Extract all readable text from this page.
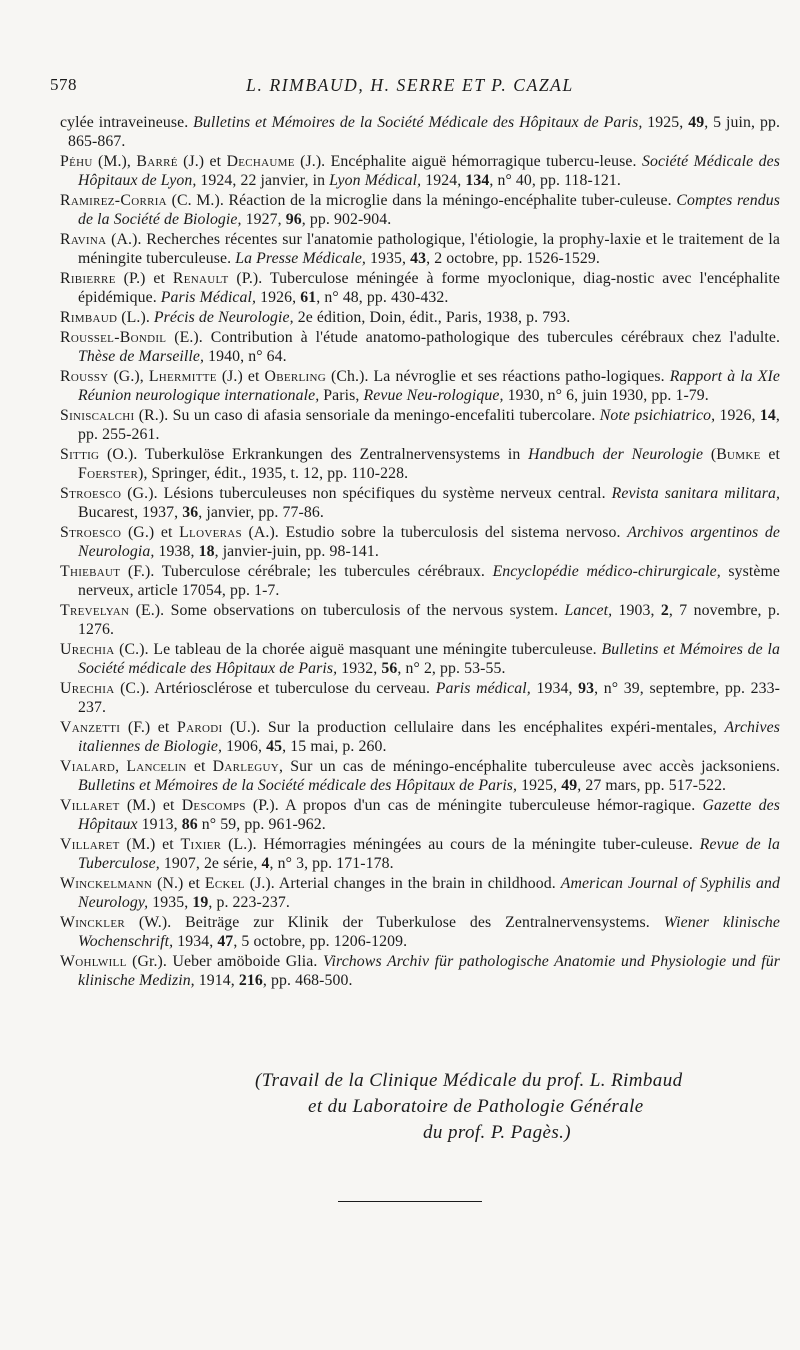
578	L. RIMBAUD, H. SERRE ET P. CAZAL

cylée intraveineuse. Bulletins et Mémoires de la Société Médicale des Hôpitaux de Paris, 1925, 49, 5 juin, pp. 865-867.

Péhu (M.), Barré (J.) et Dechaume (J.). Encéphalite aiguë hémorragique tubercu-leuse. Société Médicale des Hôpitaux de Lyon, 1924, 22 janvier, in Lyon Médical, 1924, 134, n° 40, pp. 118-121.

Ramirez-Corria (C. M.). Réaction de la microglie dans la méningo-encéphalite tuber-culeuse. Comptes rendus de la Société de Biologie, 1927, 96, pp. 902-904.

Ravina (A.). Recherches récentes sur l'anatomie pathologique, l'étiologie, la prophy-laxie et le traitement de la méningite tuberculeuse. La Presse Médicale, 1935, 43, 2 octobre, pp. 1526-1529.

Ribierre (P.) et Renault (P.). Tuberculose méningée à forme myoclonique, diag-nostic avec l'encéphalite épidémique. Paris Médical, 1926, 61, n° 48, pp. 430-432.

Rimbaud (L.). Précis de Neurologie, 2e édition, Doin, édit., Paris, 1938, p. 793.

Roussel-Bondil (E.). Contribution à l'étude anatomo-pathologique des tubercules cérébraux chez l'adulte. Thèse de Marseille, 1940, n° 64.

Roussy (G.), Lhermitte (J.) et Oberling (Ch.). La névroglie et ses réactions patho-logiques. Rapport à la XIe Réunion neurologique internationale, Paris, Revue Neu-rologique, 1930, n° 6, juin 1930, pp. 1-79.

Siniscalchi (R.). Su un caso di afasia sensoriale da meningo-encefaliti tubercolare. Note psichiatrico, 1926, 14, pp. 255-261.

Sittig (O.). Tuberkulöse Erkrankungen des Zentralnervensystems in Handbuch der Neurologie (Bumke et Foerster), Springer, édit., 1935, t. 12, pp. 110-228.

Stroesco (G.). Lésions tuberculeuses non spécifiques du système nerveux central. Revista sanitara militara, Bucarest, 1937, 36, janvier, pp. 77-86.

Stroesco (G.) et Lloveras (A.). Estudio sobre la tuberculosis del sistema nervoso. Archivos argentinos de Neurologia, 1938, 18, janvier-juin, pp. 98-141.

Thiebaut (F.). Tuberculose cérébrale; les tubercules cérébraux. Encyclopédie médico-chirurgicale, système nerveux, article 17054, pp. 1-7.

Trevelyan (E.). Some observations on tuberculosis of the nervous system. Lancet, 1903, 2, 7 novembre, p. 1276.

Urechia (C.). Le tableau de la chorée aiguë masquant une méningite tuberculeuse. Bulletins et Mémoires de la Société médicale des Hôpitaux de Paris, 1932, 56, n° 2, pp. 53-55.

Urechia (C.). Artériosclérose et tuberculose du cerveau. Paris médical, 1934, 93, n° 39, septembre, pp. 233-237.

Vanzetti (F.) et Parodi (U.). Sur la production cellulaire dans les encéphalites expéri-mentales, Archives italiennes de Biologie, 1906, 45, 15 mai, p. 260.

Vialard, Lancelin et Darleguy, Sur un cas de méningo-encéphalite tuberculeuse avec accès jacksoniens. Bulletins et Mémoires de la Société médicale des Hôpitaux de Paris, 1925, 49, 27 mars, pp. 517-522.

Villaret (M.) et Descomps (P.). A propos d'un cas de méningite tuberculeuse hémor-ragique. Gazette des Hôpitaux 1913, 86 n° 59, pp. 961-962.

Villaret (M.) et Tixier (L.). Hémorragies méningées au cours de la méningite tuber-culeuse. Revue de la Tuberculose, 1907, 2e série, 4, n° 3, pp. 171-178.

Winckelmann (N.) et Eckel (J.). Arterial changes in the brain in childhood. American Journal of Syphilis and Neurology, 1935, 19, p. 223-237.

Winckler (W.). Beiträge zur Klinik der Tuberkulose des Zentralnervensystems. Wiener klinische Wochenschrift, 1934, 47, 5 octobre, pp. 1206-1209.

Wohlwill (Gr.). Ueber amöboide Glia. Virchows Archiv für pathologische Anatomie und Physiologie und für klinische Medizin, 1914, 216, pp. 468-500.

(Travail de la Clinique Médicale du prof. L. Rimbaud

et du Laboratoire de Pathologie Générale

du prof. P. Pagès.)
